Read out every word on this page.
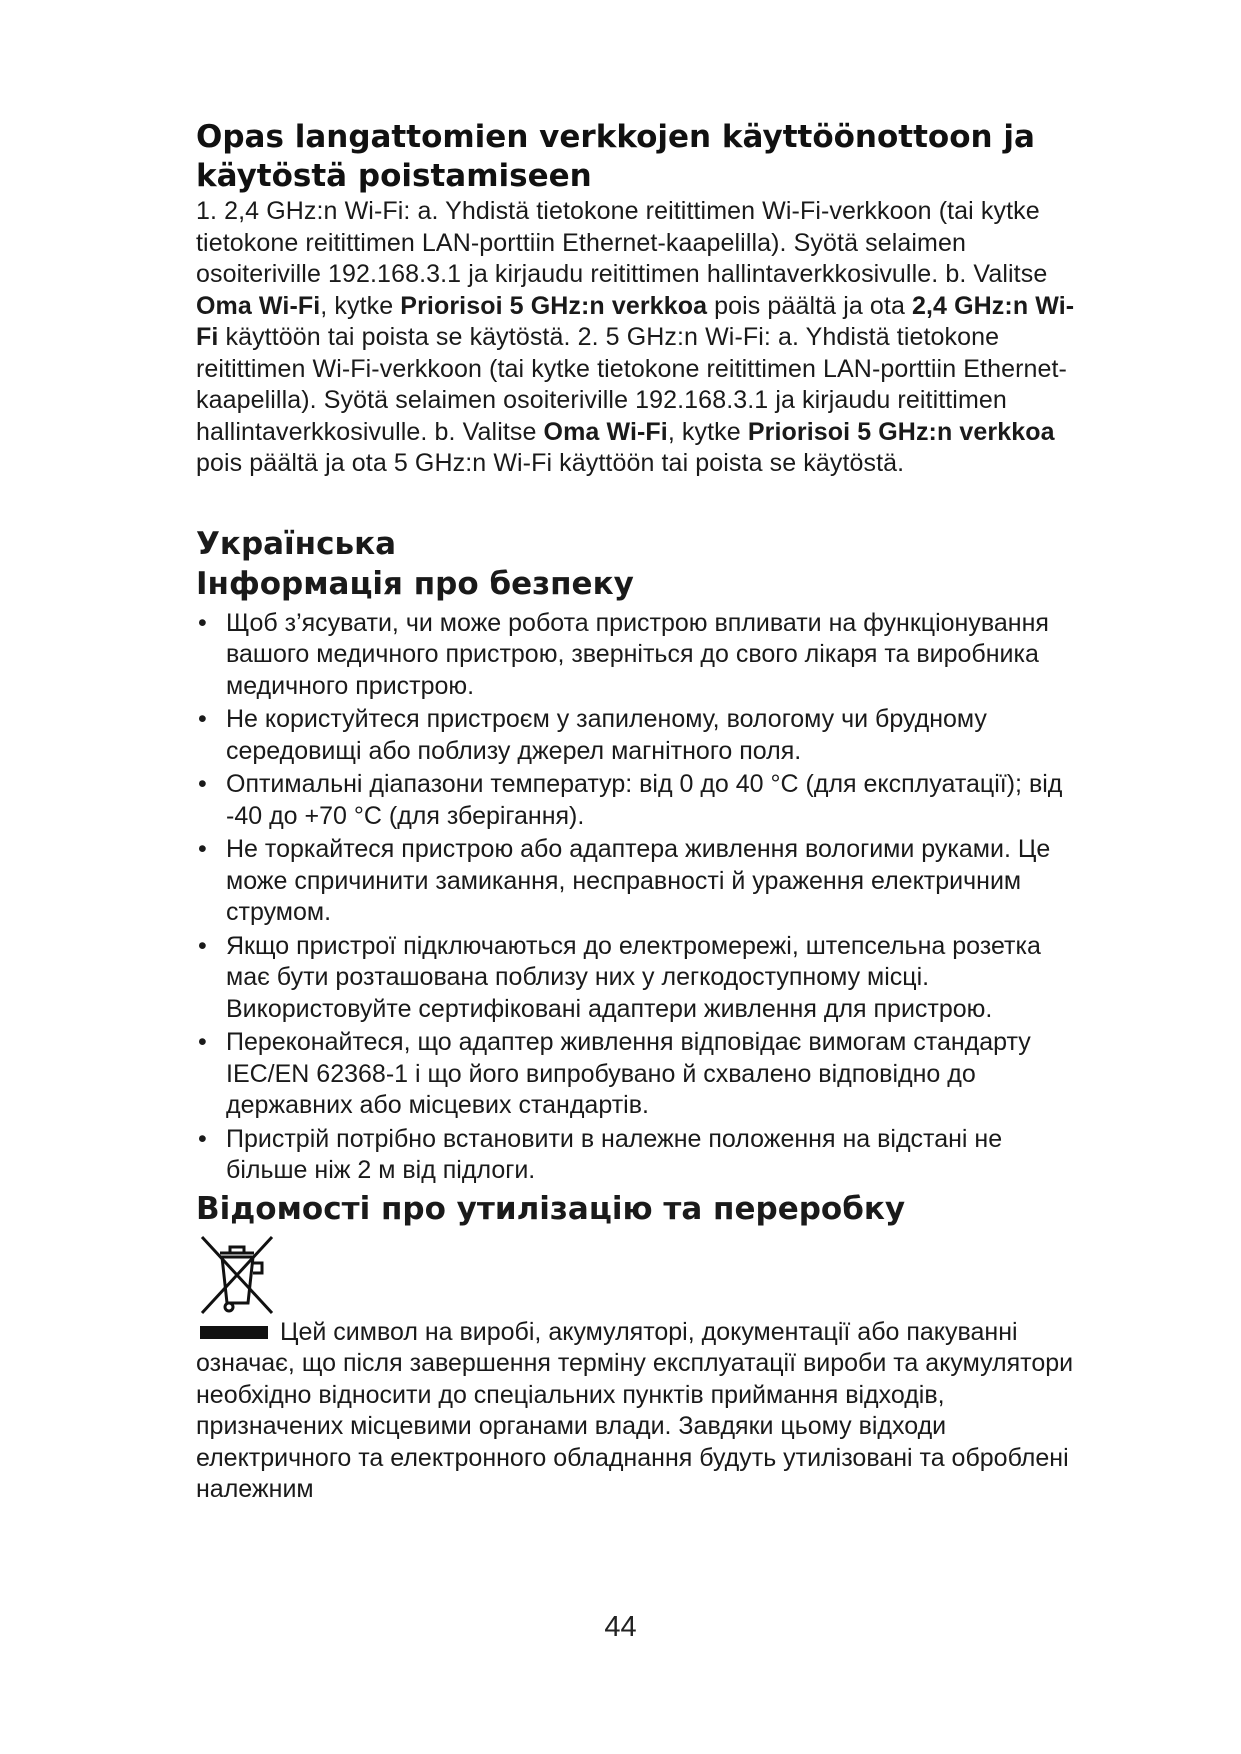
Opas langattomien verkkojen käyttöönottoon ja käytöstä poistamiseen

1. 2,4 GHz:n Wi-Fi: a. Yhdistä tietokone reitittimen Wi-Fi-verkkoon (tai kytke tietokone reitittimen LAN-porttiin Ethernet-kaapelilla). Syötä selaimen osoiteriville 192.168.3.1 ja kirjaudu reitittimen hallintaverkkosivulle. b. Valitse Oma Wi-Fi, kytke Priorisoi 5 GHz:n verkkoa pois päältä ja ota 2,4 GHz:n Wi-Fi käyttöön tai poista se käytöstä. 2. 5 GHz:n Wi-Fi: a. Yhdistä tietokone reitittimen Wi-Fi-verkkoon (tai kytke tietokone reitittimen LAN-porttiin Ethernet-kaapelilla). Syötä selaimen osoiteriville 192.168.3.1 ja kirjaudu reitittimen hallintaverkkosivulle. b. Valitse Oma Wi-Fi, kytke Priorisoi 5 GHz:n verkkoa pois päältä ja ota 5 GHz:n Wi-Fi käyttöön tai poista se käytöstä.

Українська
Інформація про безпеку
• Щоб з’ясувати, чи може робота пристрою впливати на функціонування вашого медичного пристрою, зверніться до свого лікаря та виробника медичного пристрою.
• Не користуйтеся пристроєм у запиленому, вологому чи брудному середовищі або поблизу джерел магнітного поля.
• Оптимальні діапазони температур: від 0 до 40 °C (для експлуатації); від -40 до +70 °C (для зберігання).
• Не торкайтеся пристрою або адаптера живлення вологими руками. Це може спричинити замикання, несправності й ураження електричним струмом.
• Якщо пристрої підключаються до електромережі, штепсельна розетка має бути розташована поблизу них у легкодоступному місці. Використовуйте сертифіковані адаптери живлення для пристрою.
• Переконайтеся, що адаптер живлення відповідає вимогам стандарту IEC/EN 62368-1 і що його випробувано й схвалено відповідно до державних або місцевих стандартів.
• Пристрій потрібно встановити в належне положення на відстані не більше ніж 2 м від підлоги.
Відомості про утилізацію та переробку
Цей символ на виробі, акумуляторі, документації або пакуванні означає, що після завершення терміну експлуатації вироби та акумулятори необхідно відносити до спеціальних пунктів приймання відходів, призначених місцевими органами влади. Завдяки цьому відходи електричного та електронного обладнання будуть утилізовані та оброблені належним
44
